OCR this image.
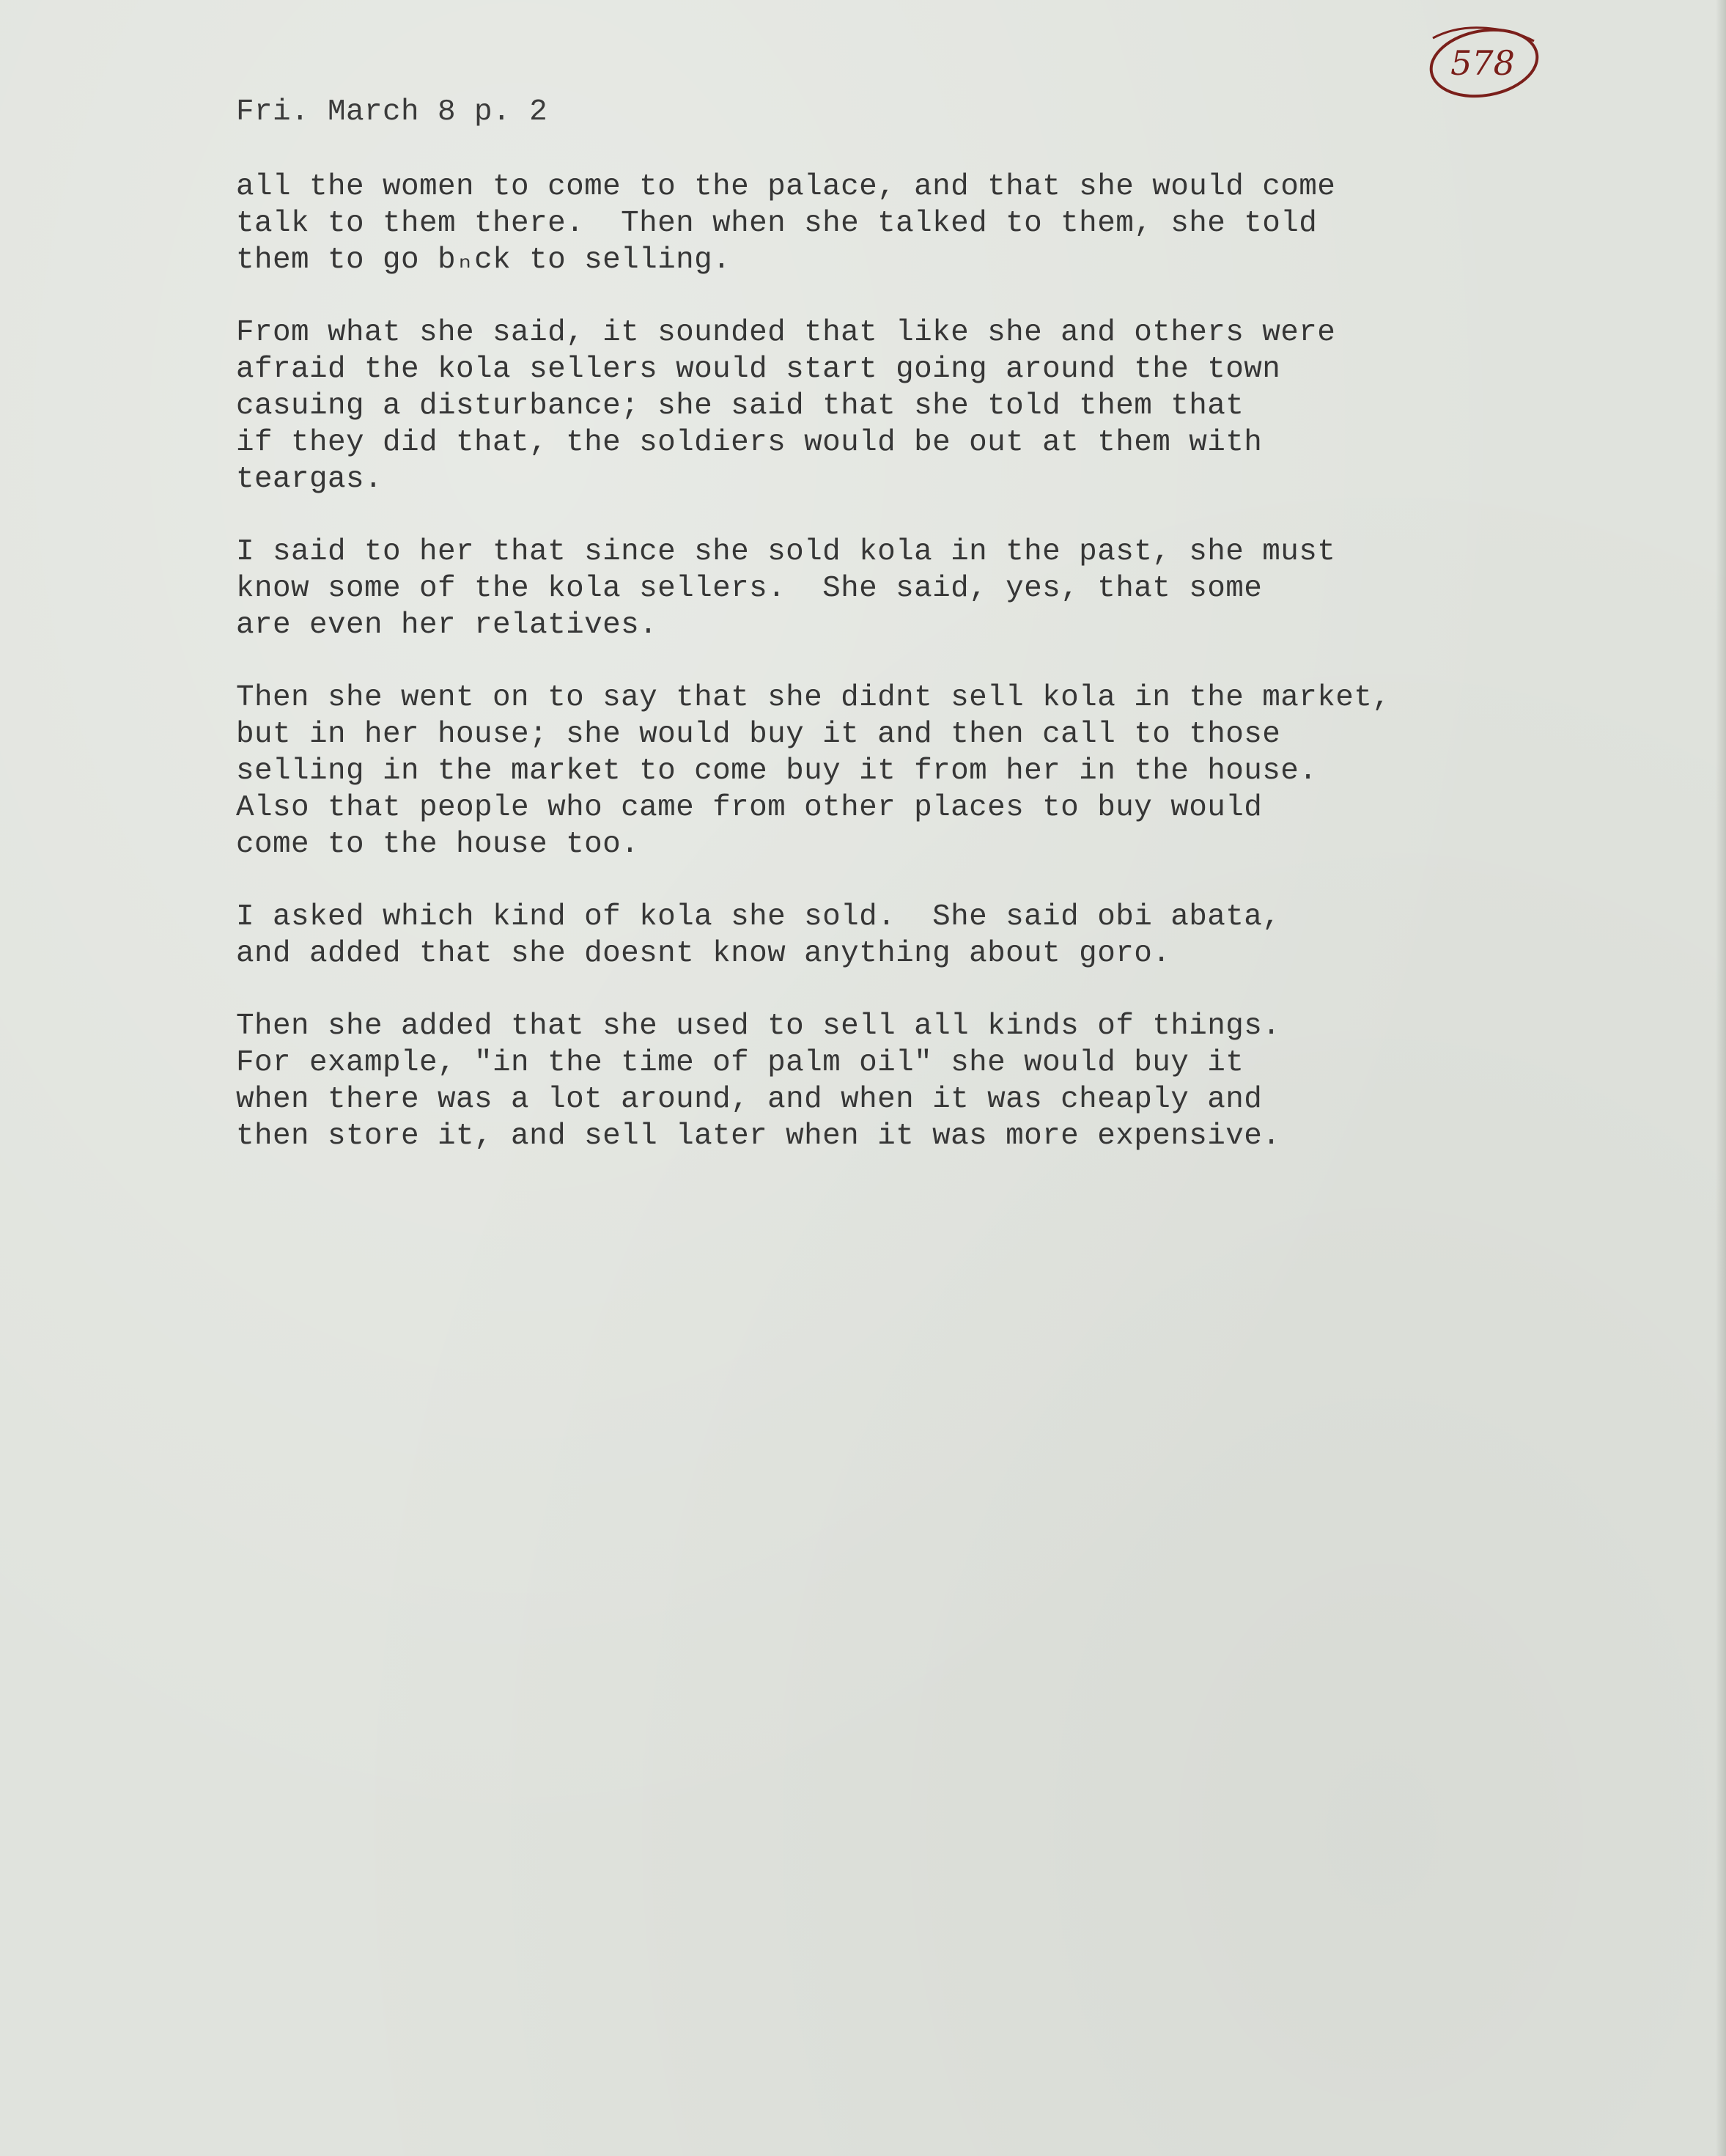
578
Fri. March 8 p. 2
all the women to come to the palace, and that she would come
talk to them there.  Then when she talked to them, she told
them to go bₙck to selling.
From what she said, it sounded that like she and others were
afraid the kola sellers would start going around the town
casuing a disturbance; she said that she told them that
if they did that, the soldiers would be out at them with
teargas.
I said to her that since she sold kola in the past, she must
know some of the kola sellers.  She said, yes, that some
are even her relatives.
Then she went on to say that she didnt sell kola in the market,
but in her house; she would buy it and then call to those
selling in the market to come buy it from her in the house.
Also that people who came from other places to buy would
come to the house too.
I asked which kind of kola she sold.  She said obi abata,
and added that she doesnt know anything about goro.
Then she added that she used to sell all kinds of things.
For example, "in the time of palm oil" she would buy it
when there was a lot around, and when it was cheaply and
then store it, and sell later when it was more expensive.
